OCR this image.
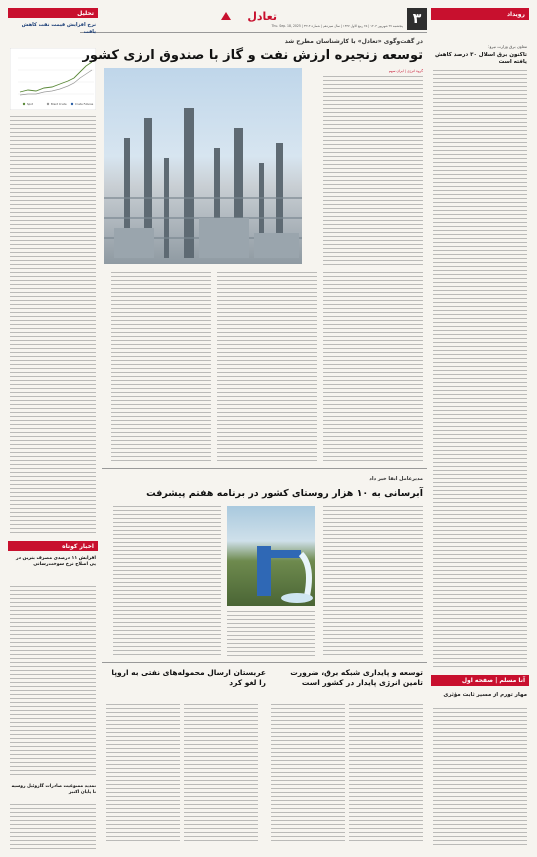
رویداد
معاون برق وزارت نیرو:
تاکنون برق اسلال ۳۰ درصد کاهش یافته است
آنا مسلم | صفحه اول
مهار تورم از مسیر ثابت مؤثری
۳
تعادل
پنجشنبه ۲۷ شهریور ۱۴۰۴ | ۲۵ ربیع الاول ۱۴۴۷ | سال سیزدهم | شماره ۳۲۱۴ | Thu. Sep. 18, 2025
تحلیل
نرخ افزایش قیمت نفت کاهش یافت
Spot	Brent Crude	Crude Futures
اخبار کوتاه
افزایش ۱۱ درصدی مصرف بنزین در پی اصلاح نرخ سوخت‌رسانی
تمدید ممنوعیت صادرات گازوئیل روسیه تا پایان اکتبر
در گفت‌وگوی «تعادل» با کارشناسان مطرح شد
توسعه زنجیره ارزش نفت و گاز با صندوق ارزی کشور
گروه انرژی | ایران سهم
مدیرعامل ابفا خبر داد
آبرسانی به ۱۰ هزار روستای کشور در برنامه هفتم پیشرفت
توسعه و پایداری شبکه برق، ضرورت تامین انرژی پایدار در کشور است
عربستان ارسال محموله‌های نفتی به اروپا را لغو کرد
